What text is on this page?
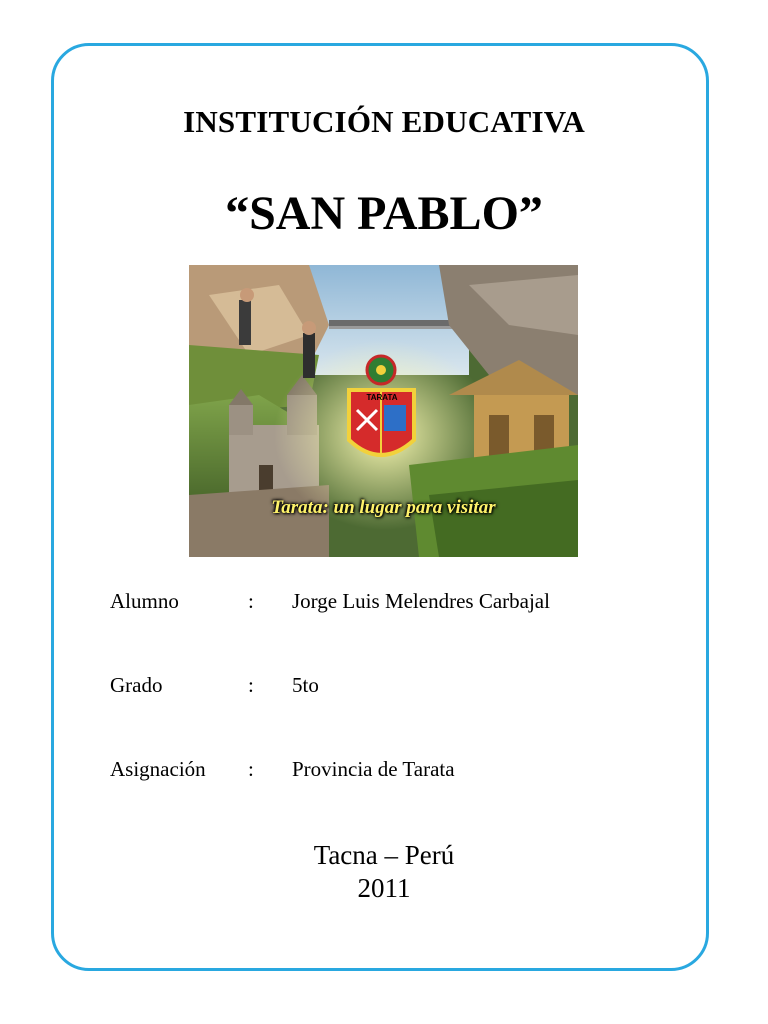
INSTITUCIÓN EDUCATIVA
“SAN PABLO”
TARATA
Tarata: un lugar para visitar
Alumno	: Jorge Luis Melendres Carbajal
Grado	: 5to
Asignación : Provincia de Tarata
Tacna – Perú
2011
